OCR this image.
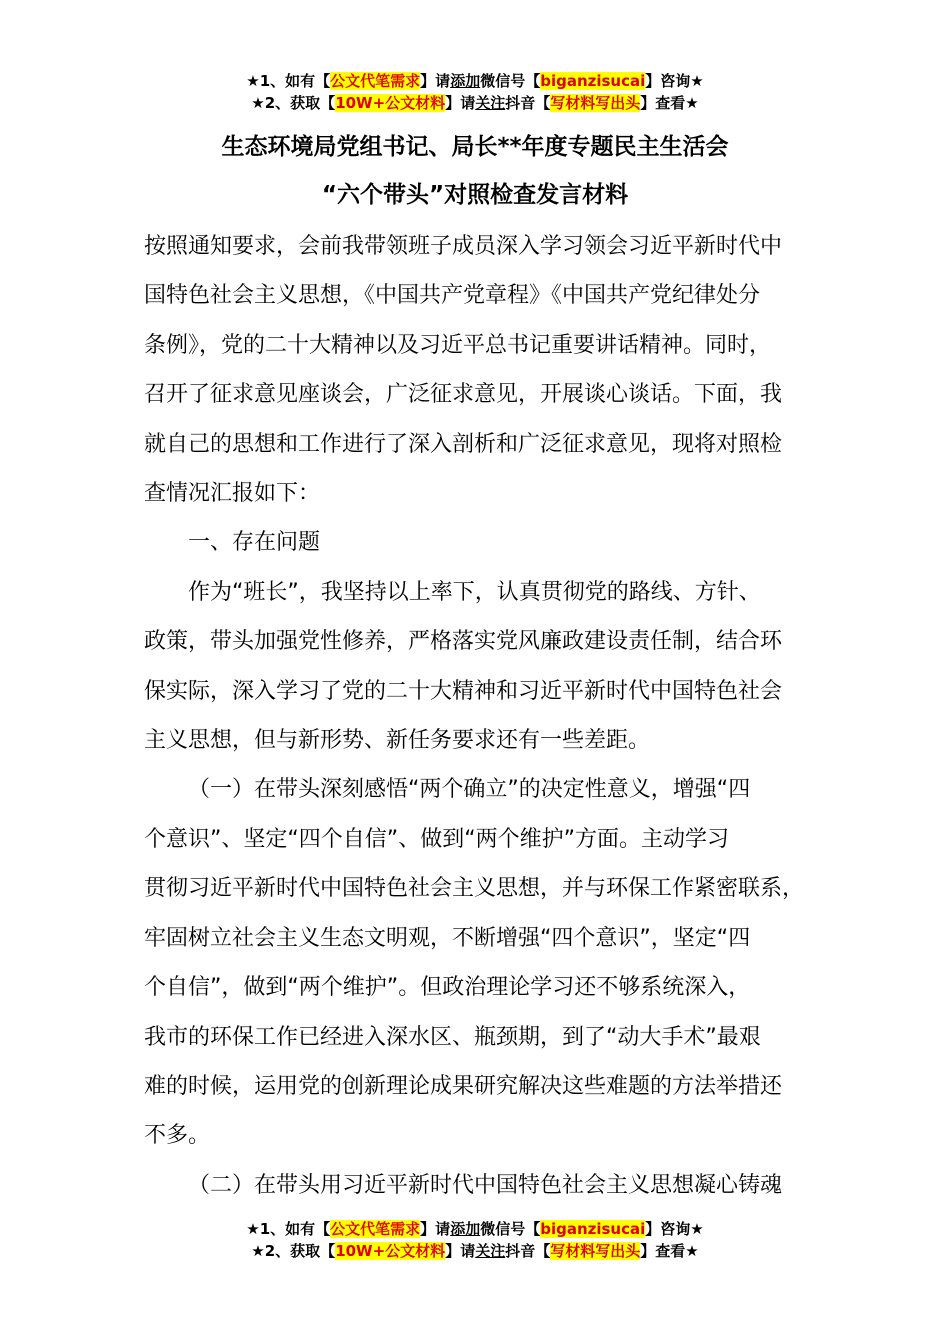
★1、如有【公文代笔需求】请添加微信号【biganzisucai】咨询★
★2、获取【10W+公文材料】请关注抖音【写材料写出头】查看★
生态环境局党组书记、局长**年度专题民主生活会
“六个带头”对照检查发言材料

按照通知要求，会前我带领班子成员深入学习领会习近平新时代中
国特色社会主义思想，《中国共产党章程》《中国共产党纪律处分
条例》，党的二十大精神以及习近平总书记重要讲话精神。同时，
召开了征求意见座谈会，广泛征求意见，开展谈心谈话。下面，我
就自己的思想和工作进行了深入剖析和广泛征求意见，现将对照检
查情况汇报如下：

一、存在问题

作为“班长”，我坚持以上率下，认真贯彻党的路线、方针、
政策，带头加强党性修养，严格落实党风廉政建设责任制，结合环
保实际，深入学习了党的二十大精神和习近平新时代中国特色社会
主义思想，但与新形势、新任务要求还有一些差距。

（一）在带头深刻感悟“两个确立”的决定性意义，增强“四
个意识”、坚定“四个自信”、做到“两个维护”方面。主动学习
贯彻习近平新时代中国特色社会主义思想，并与环保工作紧密联系，
牢固树立社会主义生态文明观，不断增强“四个意识”，坚定“四
个自信”，做到“两个维护”。但政治理论学习还不够系统深入，
我市的环保工作已经进入深水区、瓶颈期，到了“动大手术”最艰
难的时候，运用党的创新理论成果研究解决这些难题的方法举措还
不多。

（二）在带头用习近平新时代中国特色社会主义思想凝心铸魂

★1、如有【公文代笔需求】请添加微信号【biganzisucai】咨询★
★2、获取【10W+公文材料】请关注抖音【写材料写出头】查看★
